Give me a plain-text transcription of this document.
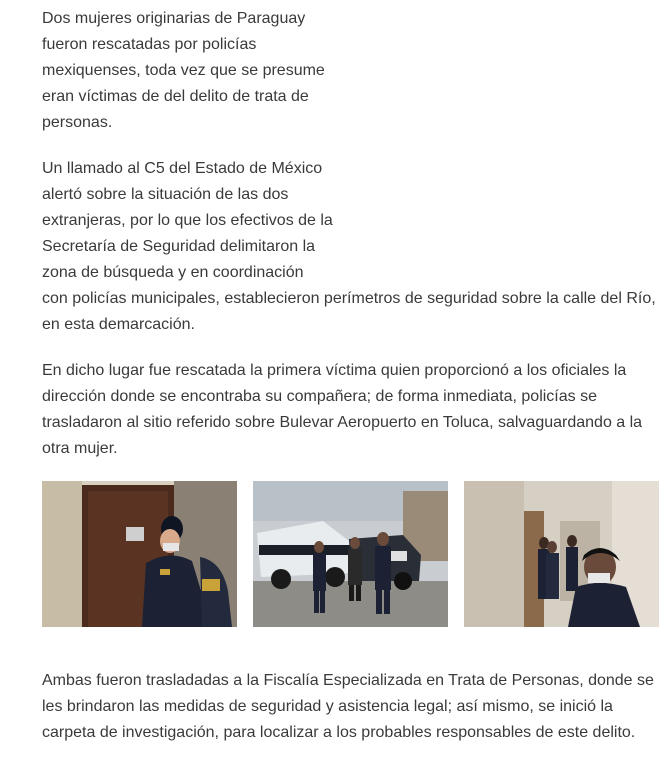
Dos mujeres originarias de Paraguay
fueron rescatadas por policías
mexiquenses, toda vez que se presume
eran víctimas de del delito de trata de
personas.

Un llamado al C5 del Estado de México
alertó sobre la situación de las dos
extranjeras, por lo que los efectivos de la
Secretaría de Seguridad delimitaron la
zona de búsqueda y en coordinación
con policías municipales, establecieron perímetros de seguridad sobre la calle del Río,
en esta demarcación.

En dicho lugar fue rescatada la primera víctima quien proporcionó a los oficiales la
dirección donde se encontraba su compañera; de forma inmediata, policías se
trasladaron al sitio referido sobre Bulevar Aeropuerto en Toluca, salvaguardando a la
otra mujer.

Ambas fueron trasladadas a la Fiscalía Especializada en Trata de Personas, donde se
les brindaron las medidas de seguridad y asistencia legal; así mismo, se inició la
carpeta de investigación, para localizar a los probables responsables de este delito.
